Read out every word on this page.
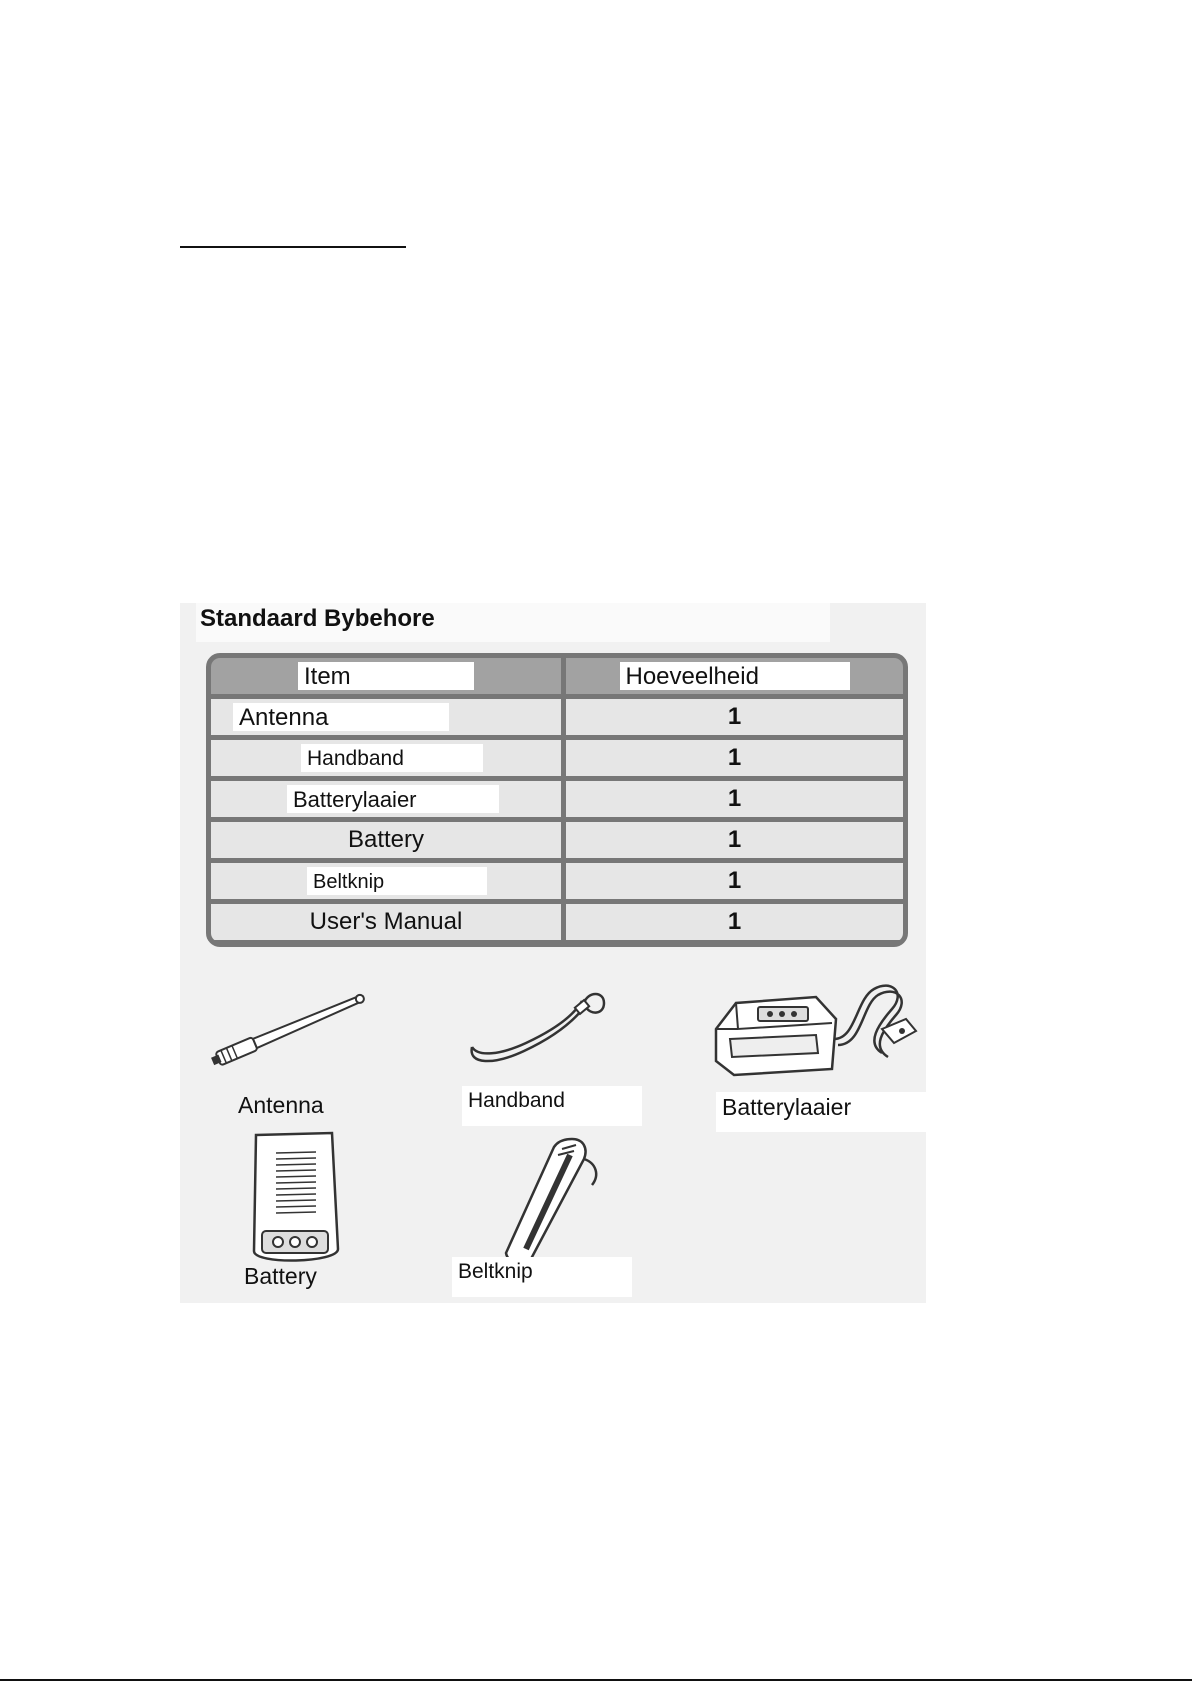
Standaard Bybehore
Item	Hoeveelheid
Antenna	1
Handband	1
Batterylaaier	1
Battery	1
Beltknip	1
User's Manual	1
Antenna	Handband	Batterylaaier
Battery	Beltknip
